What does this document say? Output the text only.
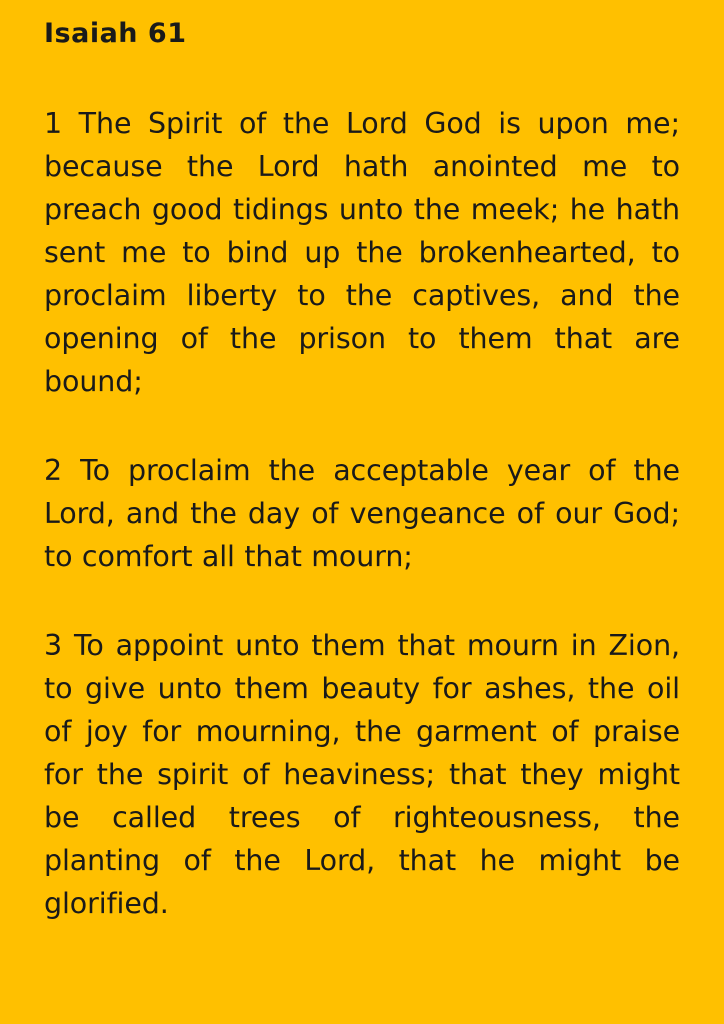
Isaiah 61

1 The Spirit of the Lord God is upon me; because the Lord hath anointed me to preach good tidings unto the meek; he hath sent me to bind up the brokenhearted, to proclaim liberty to the captives, and the opening of the prison to them that are bound;

2 To proclaim the acceptable year of the Lord, and the day of vengeance of our God; to comfort all that mourn;

3 To appoint unto them that mourn in Zion, to give unto them beauty for ashes, the oil of joy for mourning, the garment of praise for the spirit of heaviness; that they might be called trees of righteousness, the planting of the Lord, that he might be glorified.
